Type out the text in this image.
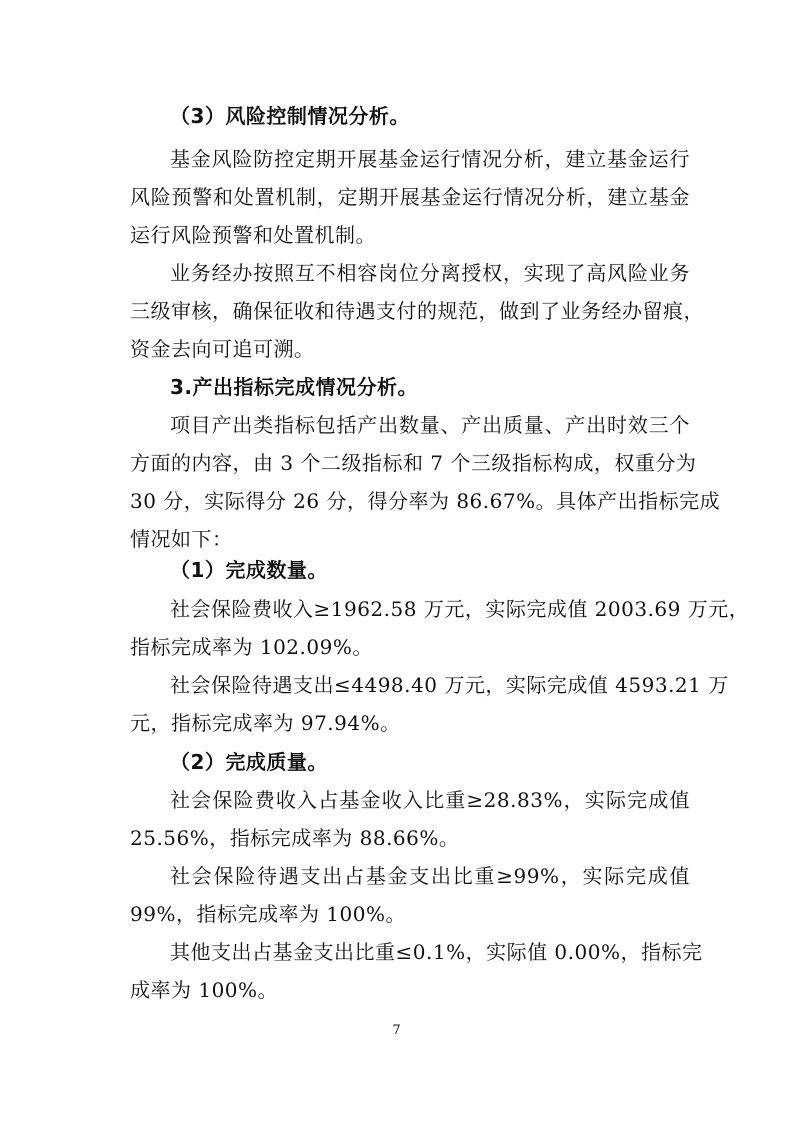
（3）风险控制情况分析。
基金风险防控定期开展基金运行情况分析，建立基金运行
风险预警和处置机制，定期开展基金运行情况分析，建立基金
运行风险预警和处置机制。
业务经办按照互不相容岗位分离授权，实现了高风险业务
三级审核，确保征收和待遇支付的规范，做到了业务经办留痕，
资金去向可追可溯。
3.产出指标完成情况分析。
项目产出类指标包括产出数量、产出质量、产出时效三个
方面的内容，由 3 个二级指标和 7 个三级指标构成，权重分为
30 分，实际得分 26 分，得分率为 86.67%。具体产出指标完成
情况如下：
（1）完成数量。
社会保险费收入≥1962.58 万元，实际完成值 2003.69 万元，
指标完成率为 102.09%。
社会保险待遇支出≤4498.40 万元，实际完成值 4593.21 万
元，指标完成率为 97.94%。
（2）完成质量。
社会保险费收入占基金收入比重≥28.83%，实际完成值
25.56%，指标完成率为 88.66%。
社会保险待遇支出占基金支出比重≥99%，实际完成值
99%，指标完成率为 100%。
其他支出占基金支出比重≤0.1%，实际值 0.00%，指标完
成率为 100%。
7
